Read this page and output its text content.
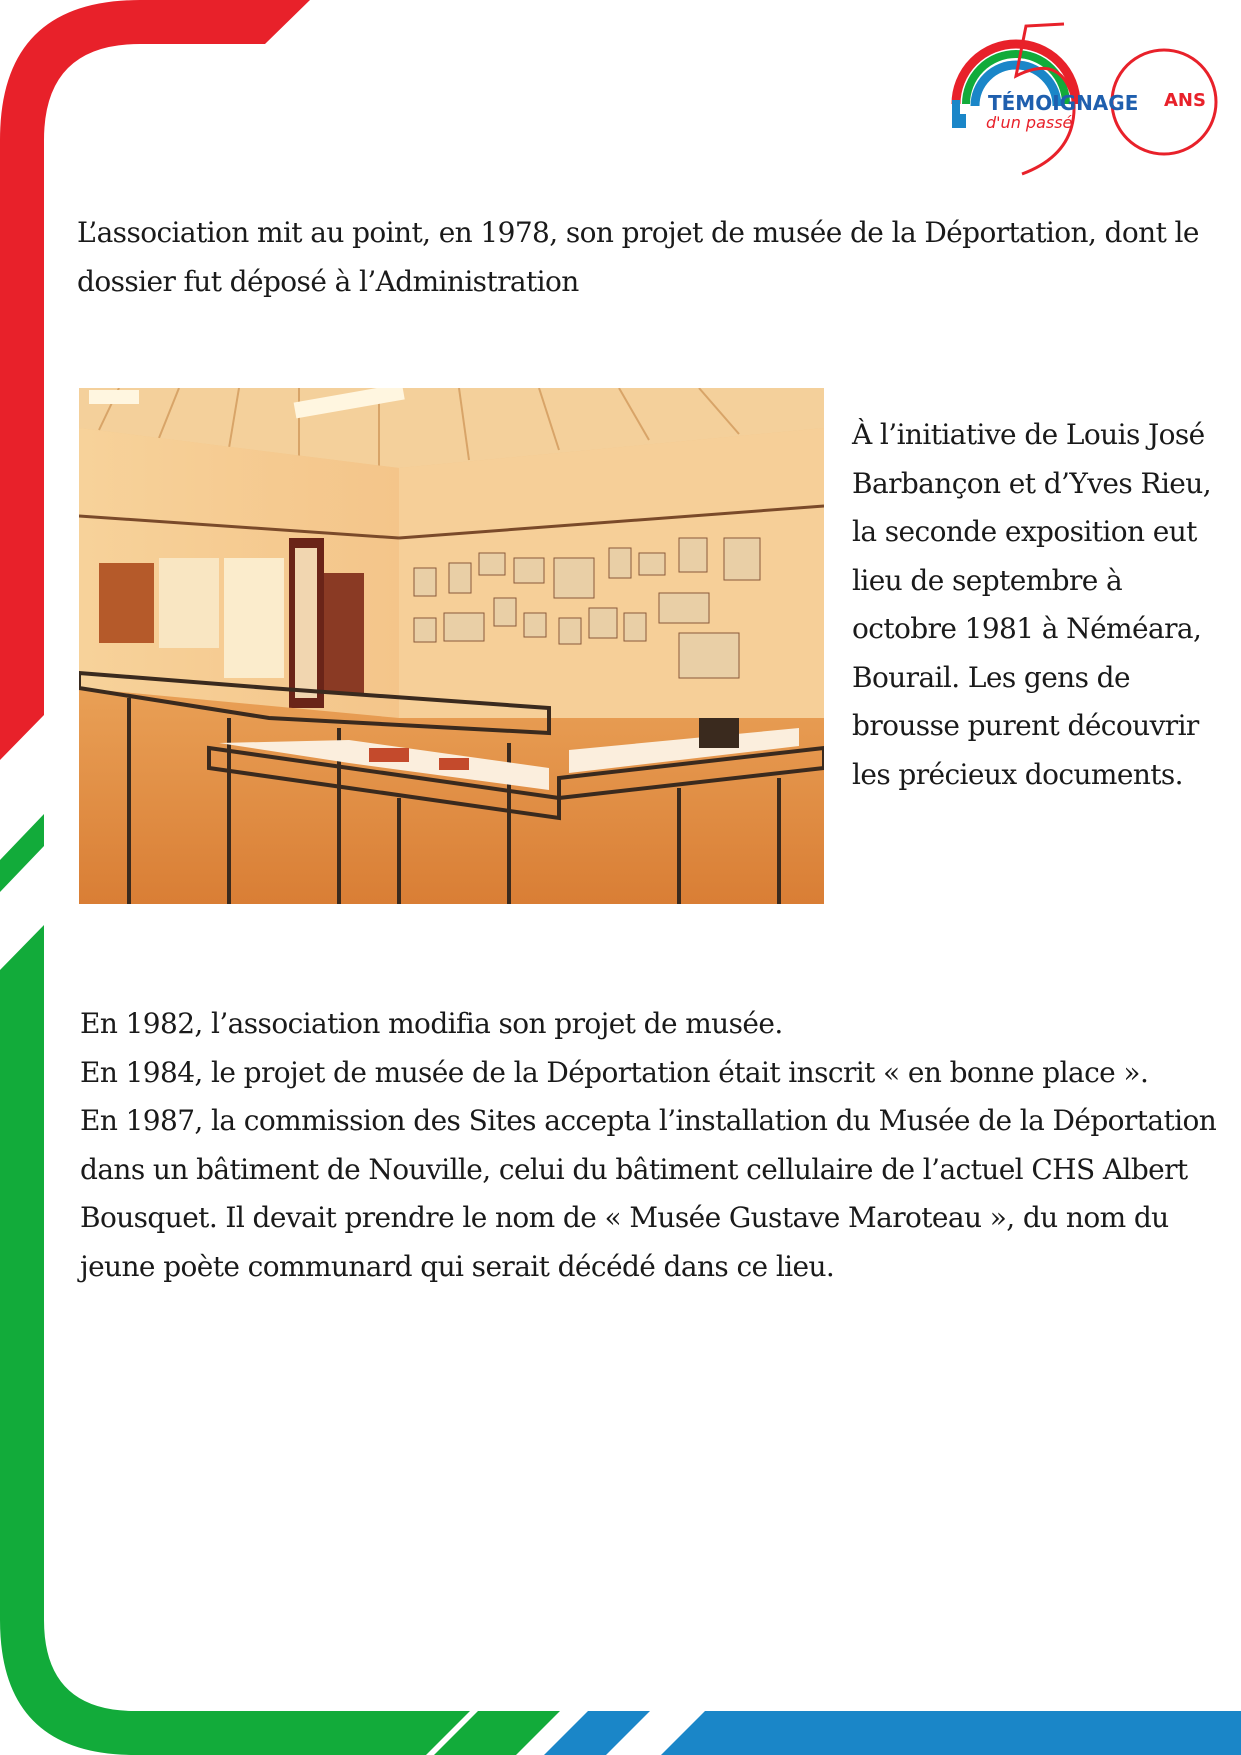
TÉMOIGNAGE
d'un passé
ANS

L’association mit au point, en 1978, son projet de musée de la Déportation, dont le dossier fut déposé à l’Administration

À l’initiative de Louis José Barbançon et d’Yves Rieu, la seconde exposition eut lieu de septembre à octobre 1981 à Néméara, Bourail. Les gens de brousse purent découvrir les précieux documents.

En 1982, l’association modifia son projet de musée.
En 1984, le projet de musée de la Déportation était inscrit « en bonne place ».
En 1987, la commission des Sites accepta l’installation du Musée de la Déportation dans un bâtiment de Nouville, celui du bâtiment cellulaire de l’actuel CHS Albert Bousquet. Il devait prendre le nom de « Musée Gustave Maroteau », du nom du jeune poète communard qui serait décédé dans ce lieu.
